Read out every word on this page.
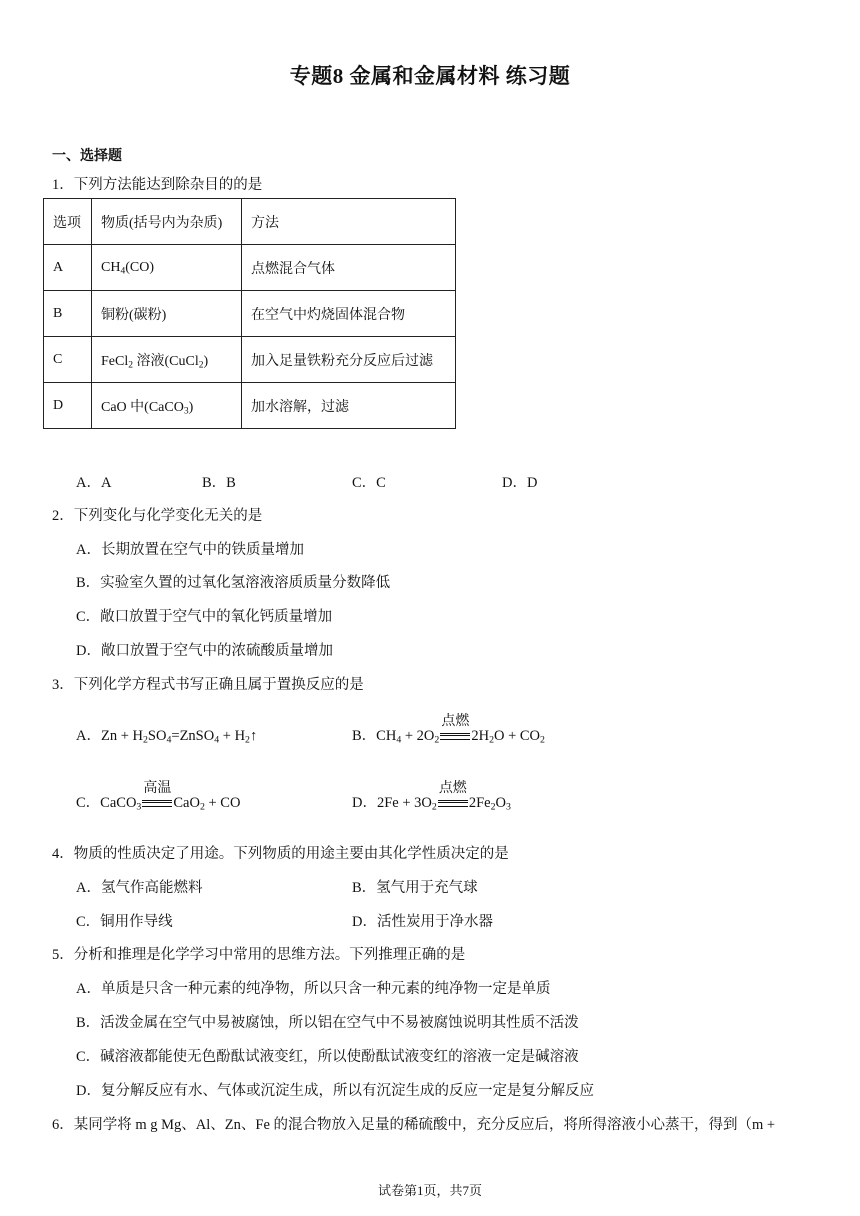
专题8 金属和金属材料 练习题
一、选择题
1．下列方法能达到除杂目的的是
选项	物质(括号内为杂质)	方法
A	$CH_4(CO)$	点燃混合气体
B	铜粉(碳粉)	在空气中灼烧固体混合物
C	FeCl$_2$ 溶液(CuCl$_2$)	加入足量铁粉充分反应后过滤
D	CaO 中(CaCO$_3$)	加水溶解，过滤
A．A	B．B	C．C	D．D
2．下列变化与化学变化无关的是
A．长期放置在空气中的铁质量增加
B．实验室久置的过氧化氢溶液溶质质量分数降低
C．敞口放置于空气中的氧化钙质量增加
D．敞口放置于空气中的浓硫酸质量增加
3．下列化学方程式书写正确且属于置换反应的是
A．$Zn + H_2SO_4=ZnSO_4$ + $H_2↑$	B．$CH_4 + 2O_2$
点燃
$2H_2O + CO_2$
C．CaCO$_3$
高温
CaO$_2$ + CO	D．$2Fe + 3O_2$
点燃
$2Fe_2O_3$
4．物质的性质决定了用途。下列物质的用途主要由其化学性质决定的是
A．氢气作高能燃料	B．氢气用于充气球
C．铜用作导线	D．活性炭用于净水器
5．分析和推理是化学学习中常用的思维方法。下列推理正确的是
A．单质是只含一种元素的纯净物，所以只含一种元素的纯净物一定是单质
B．活泼金属在空气中易被腐蚀，所以铝在空气中不易被腐蚀说明其性质不活泼
C．碱溶液都能使无色酚酞试液变红，所以使酚酞试液变红的溶液一定是碱溶液
D．复分解反应有水、气体或沉淀生成，所以有沉淀生成的反应一定是复分解反应
6．某同学将 m g Mg、Al、Zn、Fe 的混合物放入足量的稀硫酸中，充分反应后，将所得溶液小心蒸干，得到（m +
试卷第1页，共7页
